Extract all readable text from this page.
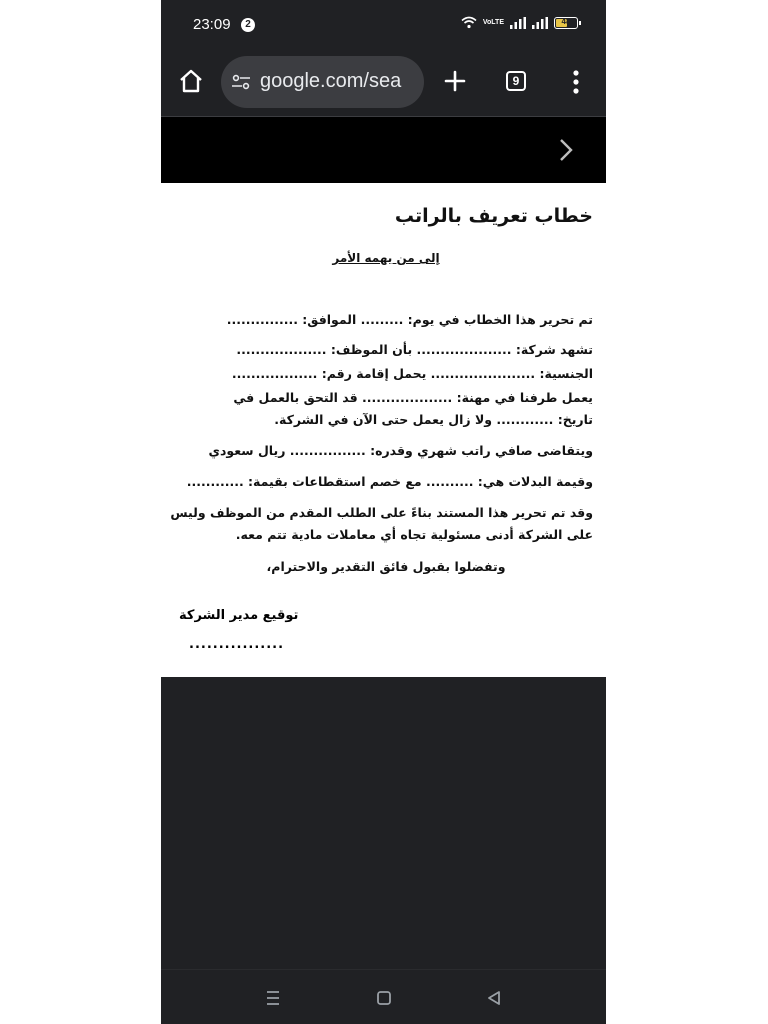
23:09	2	VoLTE	48
google.com/sea	9
خطاب تعريف بالراتب
إلى من يهمه الأمر
تم تحرير هذا الخطاب في يوم: ......... الموافق: ...............
تشهد شركة: .................... بأن الموظف: ...................
الجنسية: ...................... يحمل إقامة رقم: ..................
يعمل طرفنا في مهنة: ................... قد التحق بالعمل في
تاريخ: ............ ولا زال يعمل حتى الآن في الشركة.
ويتقاضى صافي راتب شهري وقدره: ................ ريال سعودي
وقيمة البدلات هي: .......... مع خصم استقطاعات بقيمة: ............
وقد تم تحرير هذا المستند بناءً على الطلب المقدم من الموظف وليس
على الشركة أدنى مسئولية تجاه أي معاملات مادية تتم معه.
وتفضلوا بقبول فائق التقدير والاحترام،
توقيع مدير الشركة
................
